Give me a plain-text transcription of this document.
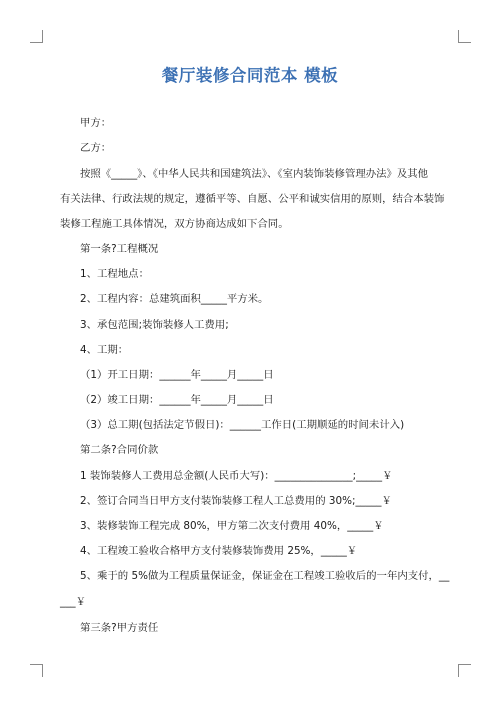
餐厅装修合同范本 模板

甲方：

乙方：

按照《_____》、《中华人民共和国建筑法》、《室内装饰装修管理办法》及其他

有关法律、行政法规的规定，遵循平等、自愿、公平和诚实信用的原则，结合本装饰

装修工程施工具体情况，双方协商达成如下合同。

第一条?工程概况

1、工程地点：

2、工程内容：总建筑面积_____平方米。

3、承包范围;装饰装修人工费用;

4、工期：

（1）开工日期：______年_____月_____日

（2）竣工日期：______年_____月_____日

（3）总工期(包括法定节假日)：______工作日(工期顺延的时间未计入)

第二条?合同价款

1 装饰装修人工费用总金额(人民币大写)：_______________;_____￥

2、签订合同当日甲方支付装饰装修工程人工总费用的 30%;_____￥

3、装修装饰工程完成 80%，甲方第二次支付费用 40%，_____￥

4、工程竣工验收合格甲方支付装修装饰费用 25%，_____￥

5、乘于的 5%做为工程质量保证金，保证金在工程竣工验收后的一年内支付，__

___￥

第三条?甲方责任
